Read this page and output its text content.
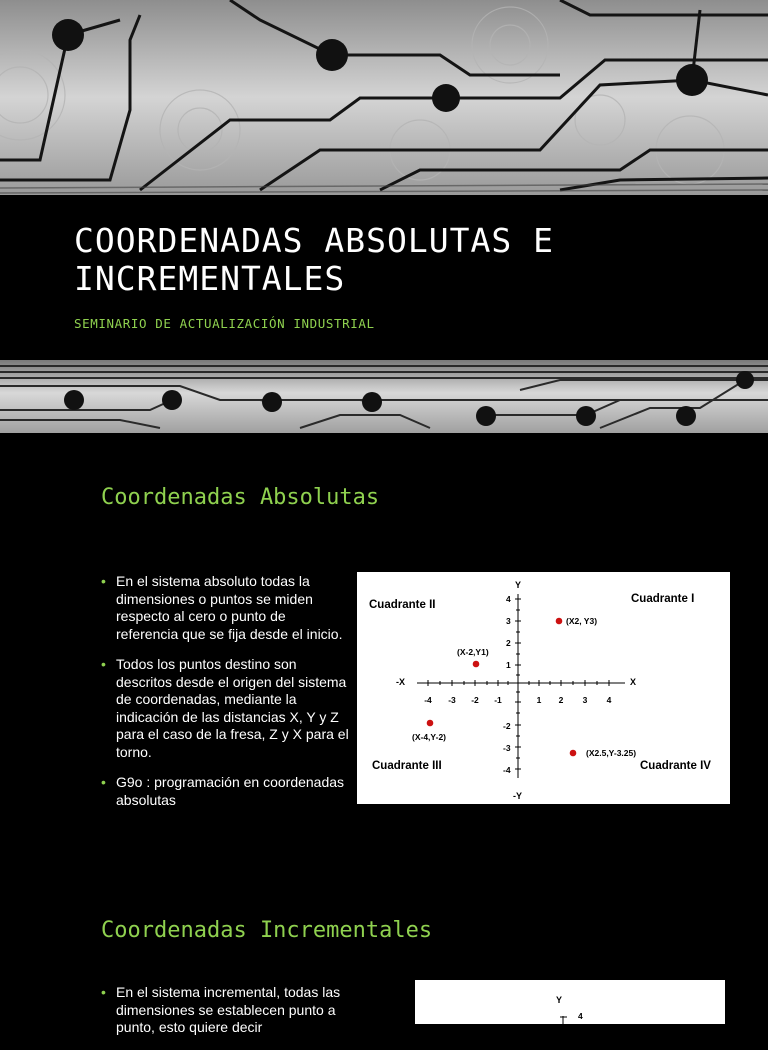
COORDENADAS ABSOLUTAS E INCREMENTALES
SEMINARIO DE ACTUALIZACIÓN INDUSTRIAL
Coordenadas Absolutas
• En el sistema absoluto todas la dimensiones o puntos se miden respecto al cero o punto de referencia que se fija desde el inicio.
• Todos los puntos destino son descritos desde el origen del sistema de coordenadas, mediante la indicación de las distancias X, Y y Z para el caso de la fresa, Z y X para el torno.
• G9o : programación en coordenadas absolutas
Y
-Y
X
-X
Cuadrante II	Cuadrante I
Cuadrante III	Cuadrante IV
-4 -3 -2 -1	1 2 3 4
4
3
2
1
-2
-3
-4
(X2, Y3)
(X-2,Y1)
(X-4,Y-2)
(X2.5,Y-3.25)
Coordenadas Incrementales
• En el sistema incremental, todas las dimensiones se establecen punto a punto, esto quiere decir
Y
4
